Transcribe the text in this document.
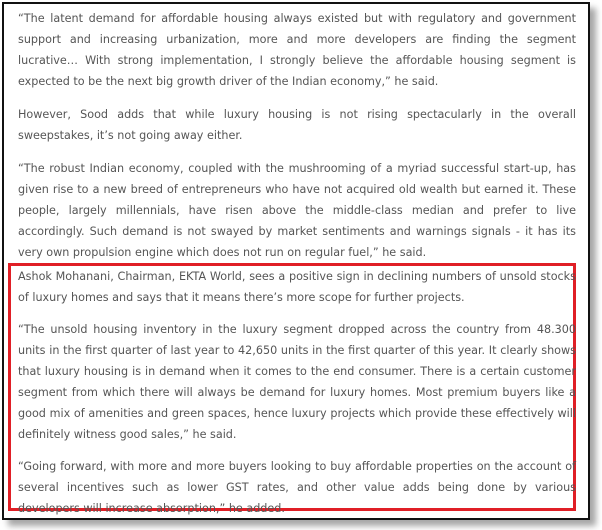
“The latent demand for affordable housing always existed but with regulatory and government support and increasing urbanization, more and more developers are finding the segment lucrative… With strong implementation, I strongly believe the affordable housing segment is expected to be the next big growth driver of the Indian economy,” he said.

However, Sood adds that while luxury housing is not rising spectacularly in the overall sweepstakes, it’s not going away either.

“The robust Indian economy, coupled with the mushrooming of a myriad successful start-up, has given rise to a new breed of entrepreneurs who have not acquired old wealth but earned it. These people, largely millennials, have risen above the middle-class median and prefer to live accordingly. Such demand is not swayed by market sentiments and warnings signals - it has its very own propulsion engine which does not run on regular fuel,” he said.

Ashok Mohanani, Chairman, EKTA World, sees a positive sign in declining numbers of unsold stocks of luxury homes and says that it means there’s more scope for further projects.

“The unsold housing inventory in the luxury segment dropped across the country from 48.300 units in the first quarter of last year to 42,650 units in the first quarter of this year. It clearly shows that luxury housing is in demand when it comes to the end consumer. There is a certain customer segment from which there will always be demand for luxury homes. Most premium buyers like a good mix of amenities and green spaces, hence luxury projects which provide these effectively will definitely witness good sales,” he said.

“Going forward, with more and more buyers looking to buy affordable properties on the account of several incentives such as lower GST rates, and other value adds being done by various developers will increase absorption,” he added.
